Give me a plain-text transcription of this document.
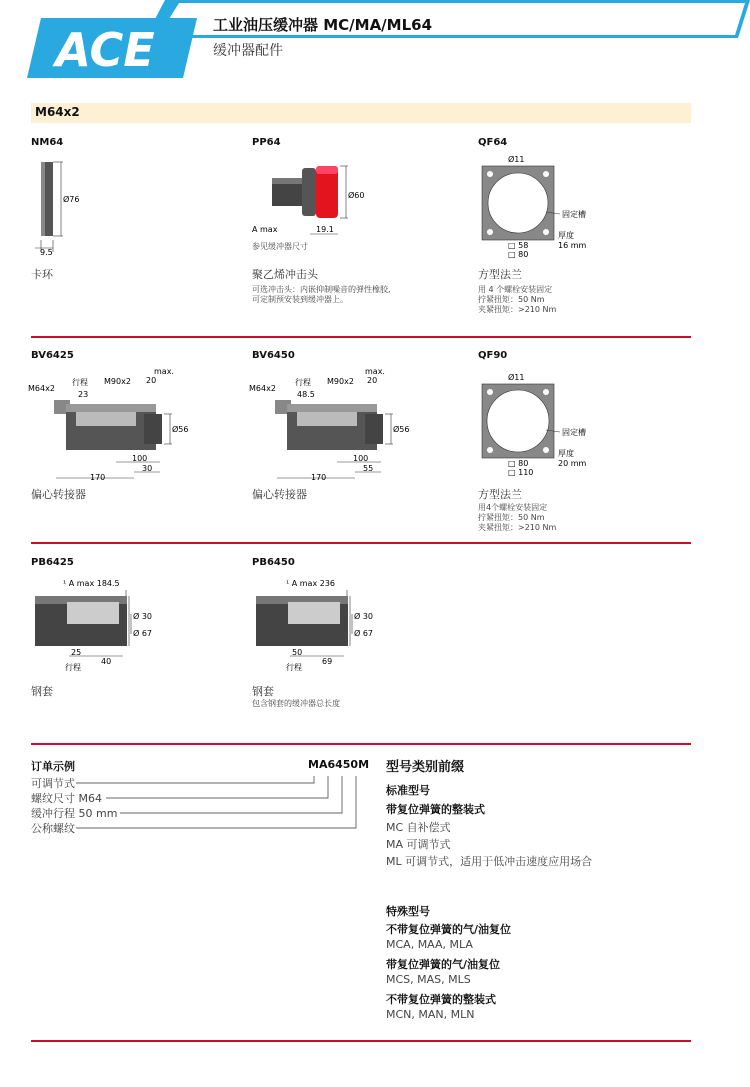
ACE	工业油压缓冲器 MC/MA/ML64
缓冲器配件
M64x2
NM64
Ø76
9.5
卡环
PP64
Ø60
A max	19.1
参见缓冲器尺寸
聚乙烯冲击头
可选冲击头：内嵌抑制噪音的弹性橡胶,
可定制预安装到缓冲器上。
QF64
Ø11
固定槽
厚度
16 mm
□ 58
□ 80
方型法兰
用 4 个螺栓安装固定
拧紧扭矩：50 Nm
夹紧扭矩：>210 Nm
BV6425
max.
20
M90x2
行程
23
M64x2
Ø56
100
30
170
偏心转接器
BV6450
max.
20
M90x2
行程
48.5
M64x2
Ø56
100
55
170
偏心转接器
QF90
Ø11
固定槽
厚度
20 mm
□ 80
□ 110
方型法兰
用4个螺栓安装固定
拧紧扭矩：50 Nm
夹紧扭矩：>210 Nm
PB6425
¹ A max 184.5
Ø 30
Ø 67
25
40
行程
钢套
PB6450
¹ A max 236
Ø 30
Ø 67
50
69
行程
钢套
包含钢套的缓冲器总长度
订单示例	MA6450M
可调节式
螺纹尺寸 M64
缓冲行程 50 mm
公称螺纹
型号类别前缀
标准型号
带复位弹簧的整装式
MC 自补偿式
MA 可调节式
ML 可调节式，适用于低冲击速度应用场合
特殊型号
不带复位弹簧的气/油复位
MCA, MAA, MLA
带复位弹簧的气/油复位
MCS, MAS, MLS
不带复位弹簧的整装式
MCN, MAN, MLN
